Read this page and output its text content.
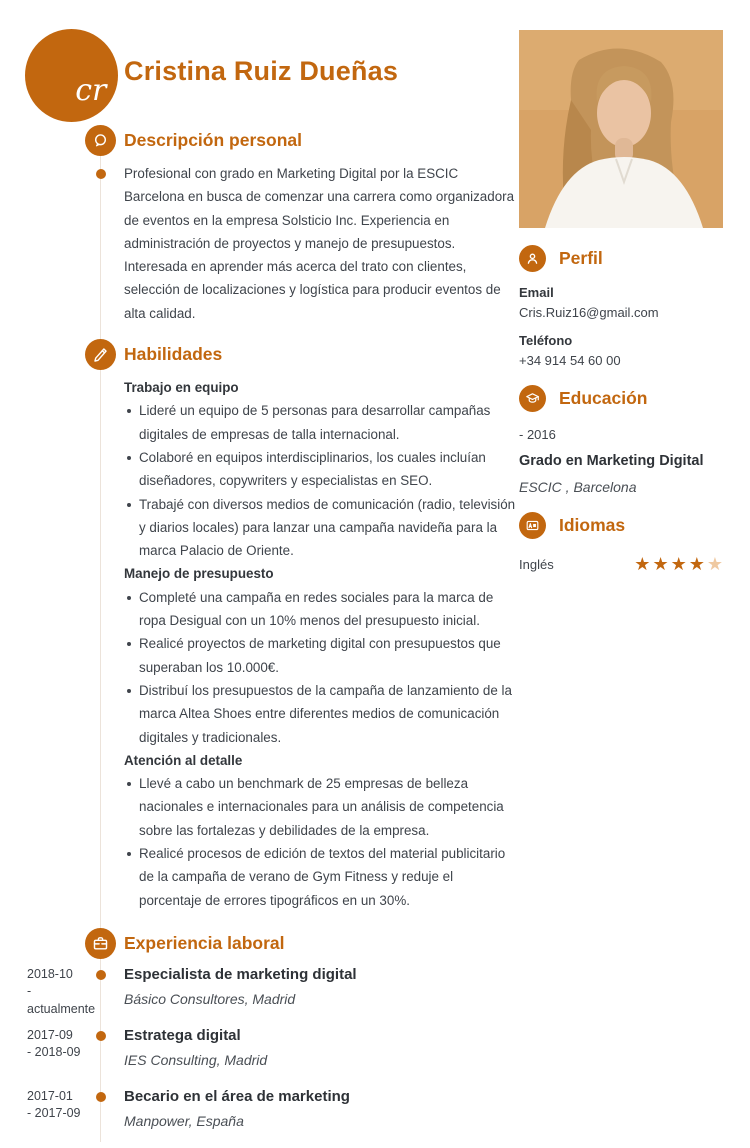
cr
Cristina Ruiz Dueñas
Descripción personal

Profesional con grado en Marketing Digital por la ESCIC Barcelona en busca de comenzar una carrera como organizadora de eventos en la empresa Solsticio Inc. Experiencia en administración de proyectos y manejo de presupuestos. Interesada en aprender más acerca del trato con clientes, selección de localizaciones y logística para producir eventos de alta calidad.

Habilidades
Trabajo en equipo
Lideré un equipo de 5 personas para desarrollar campañas digitales de empresas de talla internacional.
Colaboré en equipos interdisciplinarios, los cuales incluían diseñadores, copywriters y especialistas en SEO.
Trabajé con diversos medios de comunicación (radio, televisión y diarios locales) para lanzar una campaña navideña para la marca Palacio de Oriente.
Manejo de presupuesto
Completé una campaña en redes sociales para la marca de ropa Desigual con un 10% menos del presupuesto inicial.
Realicé proyectos de marketing digital con presupuestos que superaban los 10.000€.
Distribuí los presupuestos de la campaña de lanzamiento de la marca Altea Shoes entre diferentes medios de comunicación digitales y tradicionales.
Atención al detalle
Llevé a cabo un benchmark de 25 empresas de belleza nacionales e internacionales para un análisis de competencia sobre las fortalezas y debilidades de la empresa.
Realicé procesos de edición de textos del material publicitario de la campaña de verano de Gym Fitness y reduje el porcentaje de errores tipográficos en un 30%.
Experiencia laboral
2018-10
-
actualmente
Especialista de marketing digital
Básico Consultores, Madrid
2017-09
- 2018-09
Estratega digital
IES Consulting, Madrid
2017-01
- 2017-09
Becario en el área de marketing
Manpower, España
Perfil
Email
Cris.Ruiz16@gmail.com
Teléfono
+34 914 54 60 00
Educación
- 2016
Grado en Marketing Digital
ESCIC , Barcelona
Idiomas
Inglés	★ ★ ★ ★ ★
